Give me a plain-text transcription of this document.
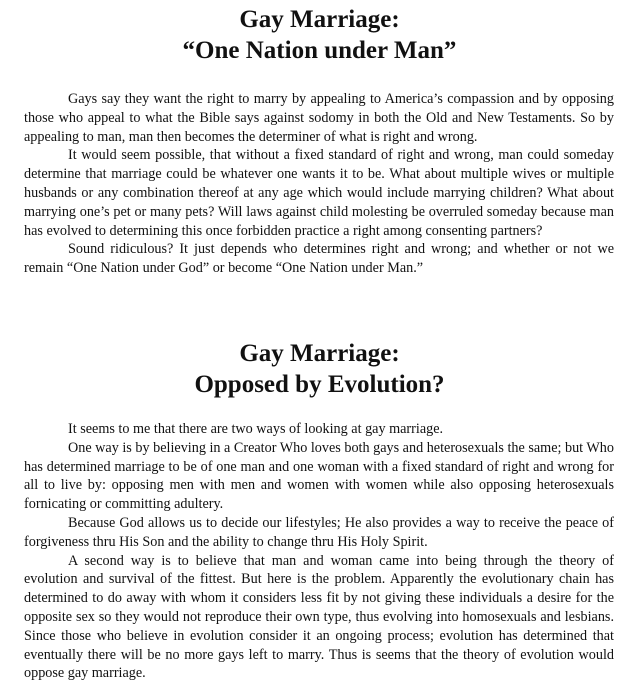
Gay Marriage:
“One Nation under Man”

Gays say they want the right to marry by appealing to America’s compassion and by opposing those who appeal to what the Bible says against sodomy in both the Old and New Testaments. So by appealing to man, man then becomes the determiner of what is right and wrong.

It would seem possible, that without a fixed standard of right and wrong, man could someday determine that marriage could be whatever one wants it to be. What about multiple wives or multiple husbands or any combination thereof at any age which would include marrying children? What about marrying one’s pet or many pets? Will laws against child molesting be overruled someday because man has evolved to determining this once forbidden practice a right among consenting partners?

Sound ridiculous? It just depends who determines right and wrong; and whether or not we remain “One Nation under God” or become “One Nation under Man.”

Gay Marriage:
Opposed by Evolution?

It seems to me that there are two ways of looking at gay marriage.

One way is by believing in a Creator Who loves both gays and heterosexuals the same; but Who has determined marriage to be of one man and one woman with a fixed standard of right and wrong for all to live by: opposing men with men and women with women while also opposing heterosexuals fornicating or committing adultery.

Because God allows us to decide our lifestyles; He also provides a way to receive the peace of forgiveness thru His Son and the ability to change thru His Holy Spirit.

A second way is to believe that man and woman came into being through the theory of evolution and survival of the fittest. But here is the problem. Apparently the evolutionary chain has determined to do away with whom it considers less fit by not giving these individuals a desire for the opposite sex so they would not reproduce their own type, thus evolving into homosexuals and lesbians. Since those who believe in evolution consider it an ongoing process; evolution has determined that eventually there will be no more gays left to marry. Thus is seems that the theory of evolution would oppose gay marriage.
